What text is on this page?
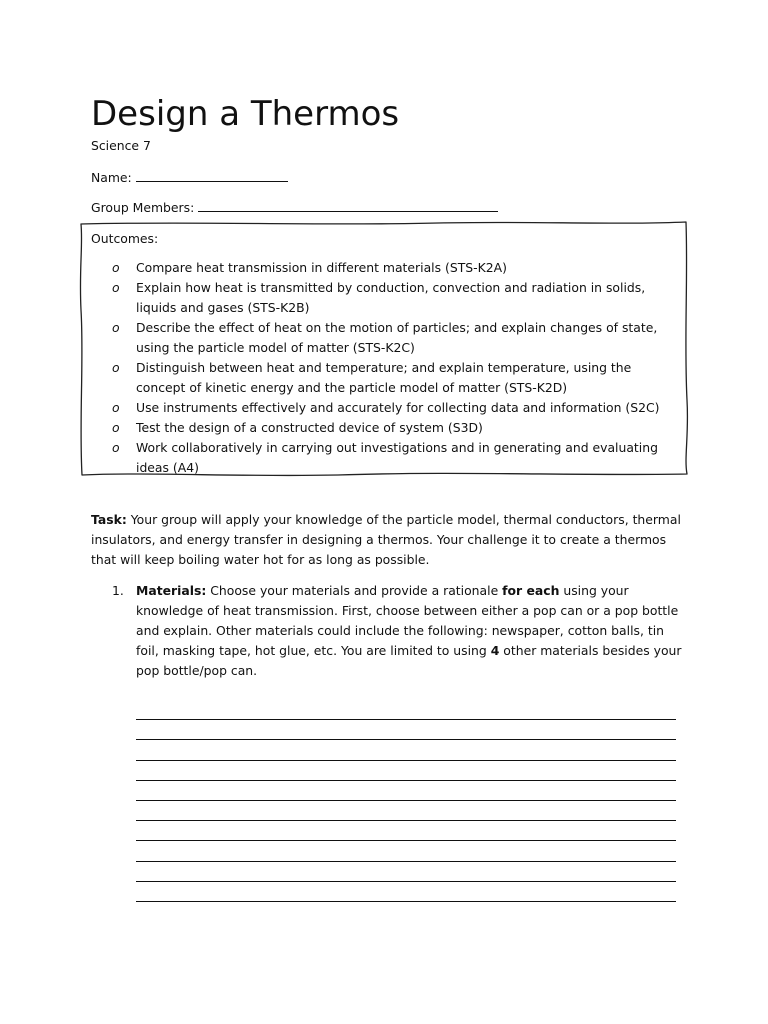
Design a Thermos
Science 7
Name:
Group Members:
Outcomes:
o Compare heat transmission in different materials (STS-K2A)
o Explain how heat is transmitted by conduction, convection and radiation in solids, liquids and gases (STS-K2B)
o Describe the effect of heat on the motion of particles; and explain changes of state, using the particle model of matter (STS-K2C)
o Distinguish between heat and temperature; and explain temperature, using the concept of kinetic energy and the particle model of matter (STS-K2D)
o Use instruments effectively and accurately for collecting data and information (S2C)
o Test the design of a constructed device of system (S3D)
o Work collaboratively in carrying out investigations and in generating and evaluating ideas (A4)
Task: Your group will apply your knowledge of the particle model, thermal conductors, thermal insulators, and energy transfer in designing a thermos. Your challenge it to create a thermos that will keep boiling water hot for as long as possible.
1. Materials: Choose your materials and provide a rationale for each using your knowledge of heat transmission. First, choose between either a pop can or a pop bottle and explain. Other materials could include the following: newspaper, cotton balls, tin foil, masking tape, hot glue, etc. You are limited to using 4 other materials besides your pop bottle/pop can.
